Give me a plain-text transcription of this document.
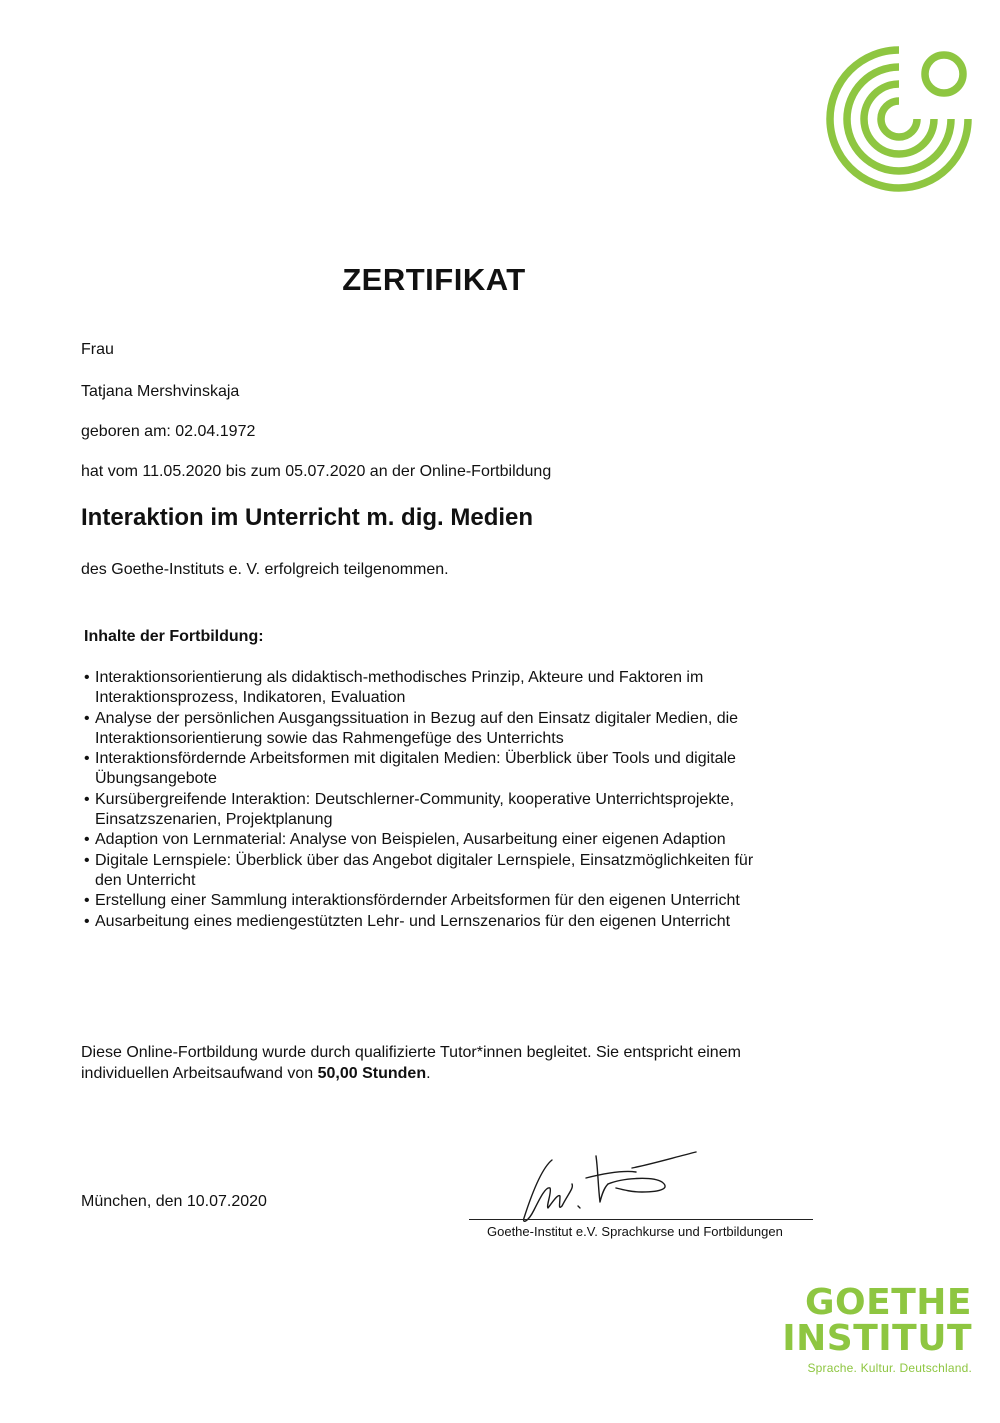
ZERTIFIKAT
Frau
Tatjana Mershvinskaja
geboren am: 02.04.1972
hat vom 11.05.2020 bis zum 05.07.2020 an der Online-Fortbildung
Interaktion im Unterricht m. dig. Medien
des Goethe-Instituts e. V. erfolgreich teilgenommen.
Inhalte der Fortbildung:
• Interaktionsorientierung als didaktisch-methodisches Prinzip, Akteure und Faktoren im Interaktionsprozess, Indikatoren, Evaluation
• Analyse der persönlichen Ausgangssituation in Bezug auf den Einsatz digitaler Medien, die Interaktionsorientierung sowie das Rahmengefüge des Unterrichts
• Interaktionsfördernde Arbeitsformen mit digitalen Medien: Überblick über Tools und digitale Übungsangebote
• Kursübergreifende Interaktion: Deutschlerner-Community, kooperative Unterrichtsprojekte, Einsatzszenarien, Projektplanung
• Adaption von Lernmaterial: Analyse von Beispielen, Ausarbeitung einer eigenen Adaption
• Digitale Lernspiele: Überblick über das Angebot digitaler Lernspiele, Einsatzmöglichkeiten für den Unterricht
• Erstellung einer Sammlung interaktionsfördernder Arbeitsformen für den eigenen Unterricht
• Ausarbeitung eines mediengestützten Lehr- und Lernszenarios für den eigenen Unterricht
Diese Online-Fortbildung wurde durch qualifizierte Tutor*innen begleitet. Sie entspricht einem individuellen Arbeitsaufwand von 50,00 Stunden.
München, den 10.07.2020
Goethe-Institut e.V. Sprachkurse und Fortbildungen
GOETHE
INSTITUT
Sprache. Kultur. Deutschland.
